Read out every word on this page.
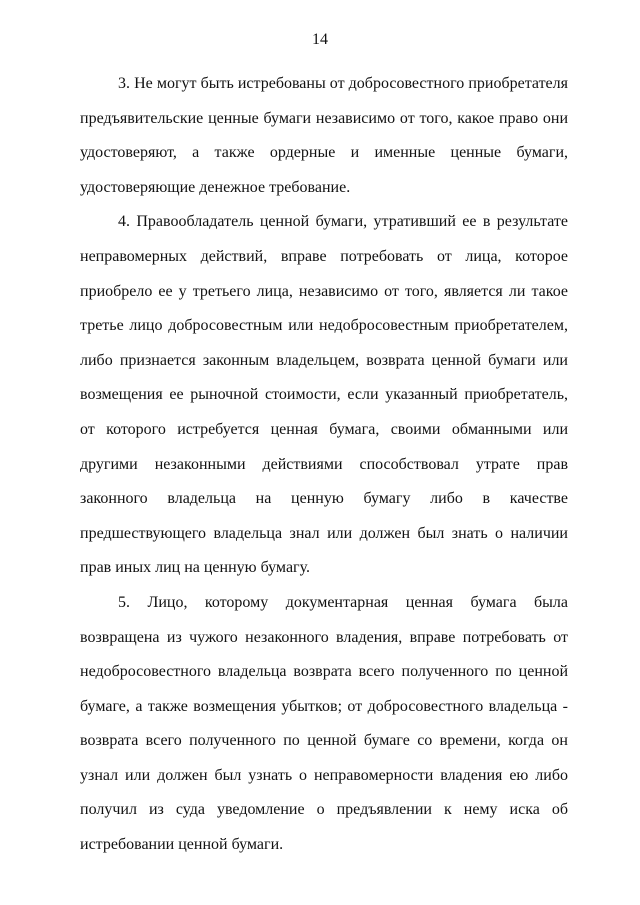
14

3. Не могут быть истребованы от добросовестного приобретателя предъявительские ценные бумаги независимо от того, какое право они удостоверяют, а также ордерные и именные ценные бумаги, удостоверяющие денежное требование.

4. Правообладатель ценной бумаги, утративший ее в результате неправомерных действий, вправе потребовать от лица, которое приобрело ее у третьего лица, независимо от того, является ли такое третье лицо добросовестным или недобросовестным приобретателем, либо признается законным владельцем, возврата ценной бумаги или возмещения ее рыночной стоимости, если указанный приобретатель, от которого истребуется ценная бумага, своими обманными или другими незаконными действиями способствовал утрате прав законного владельца на ценную бумагу либо в качестве предшествующего владельца знал или должен был знать о наличии прав иных лиц на ценную бумагу.

5. Лицо, которому документарная ценная бумага была возвращена из чужого незаконного владения, вправе потребовать от недобросовестного владельца возврата всего полученного по ценной бумаге, а также возмещения убытков; от добросовестного владельца - возврата всего полученного по ценной бумаге со времени, когда он узнал или должен был узнать о неправомерности владения ею либо получил из суда уведомление о предъявлении к нему иска об истребовании ценной бумаги.
